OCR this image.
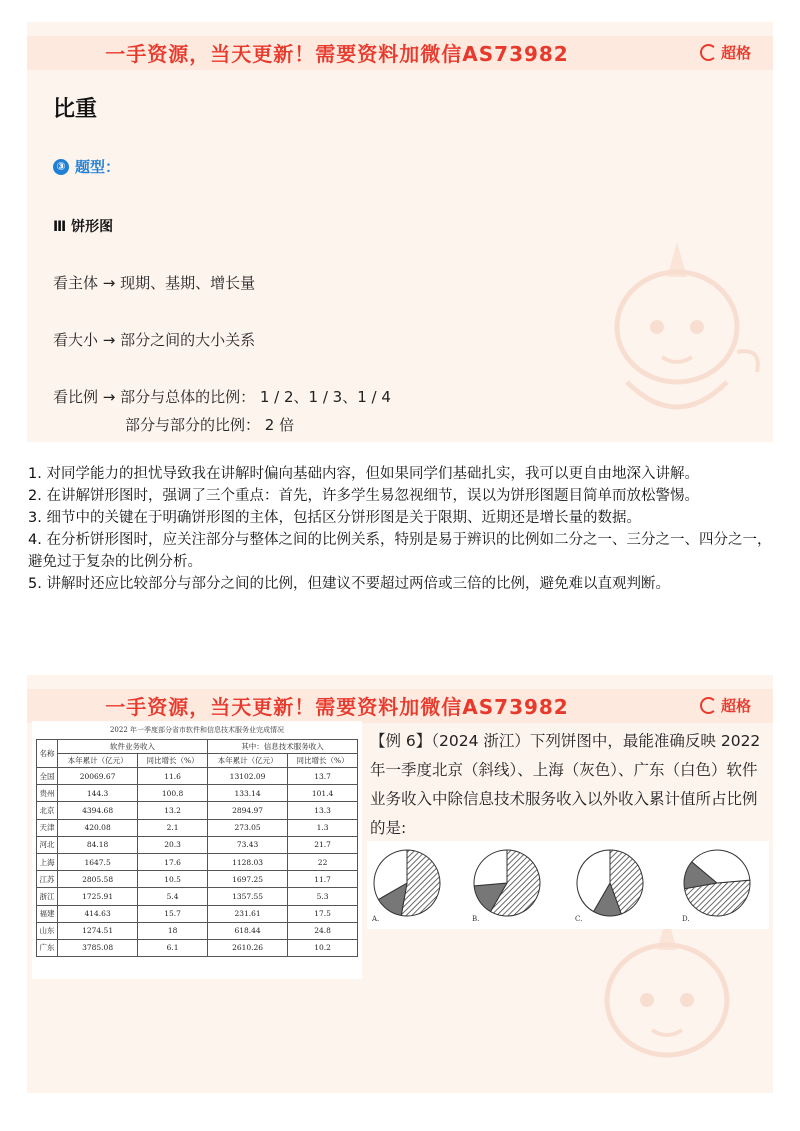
一手资源，当天更新！需要资料加微信AS73982	超格
比重
③ 题型：
Ⅲ 饼形图
看主体 → 现期、基期、增长量
看大小 → 部分之间的大小关系
看比例 → 部分与总体的比例： 1 / 2、1 / 3、1 / 4
部分与部分的比例： 2 倍

1. 对同学能力的担忧导致我在讲解时偏向基础内容，但如果同学们基础扎实，我可以更自由地深入讲解。

2. 在讲解饼形图时，强调了三个重点：首先，许多学生易忽视细节，误以为饼形图题目简单而放松警惕。

3. 细节中的关键在于明确饼形图的主体，包括区分饼形图是关于限期、近期还是增长量的数据。

4. 在分析饼形图时，应关注部分与整体之间的比例关系，特别是易于辨识的比例如二分之一、三分之一、四分之一，避免过于复杂的比例分析。

5. 讲解时还应比较部分与部分之间的比例，但建议不要超过两倍或三倍的比例，避免难以直观判断。

一手资源，当天更新！需要资料加微信AS73982	超格
2022 年一季度部分省市软件和信息技术服务业完成情况
名称	软件业务收入		其中：信息技术服务收入	
	本年累计（亿元）	同比增长（%）	本年累计（亿元）	同比增长（%）
全国	20069.67	11.6	13102.09	13.7
贵州	144.3	100.8	133.14	101.4
北京	4394.68	13.2	2894.97	13.3
天津	420.08	2.1	273.05	1.3
河北	84.18	20.3	73.43	21.7
上海	1647.5	17.6	1128.03	22
江苏	2805.58	10.5	1697.25	11.7
浙江	1725.91	5.4	1357.55	5.3
福建	414.63	15.7	231.61	17.5
山东	1274.51	18	618.44	24.8
广东	3785.08	6.1	2610.26	10.2
【例 6】（2024 浙江）下列饼图中，最能准确反映 2022 年一季度北京（斜线）、上海（灰色）、广东（白色）软件业务收入中除信息技术服务收入以外收入累计值所占比例的是:
A.	B.	C.	D.
